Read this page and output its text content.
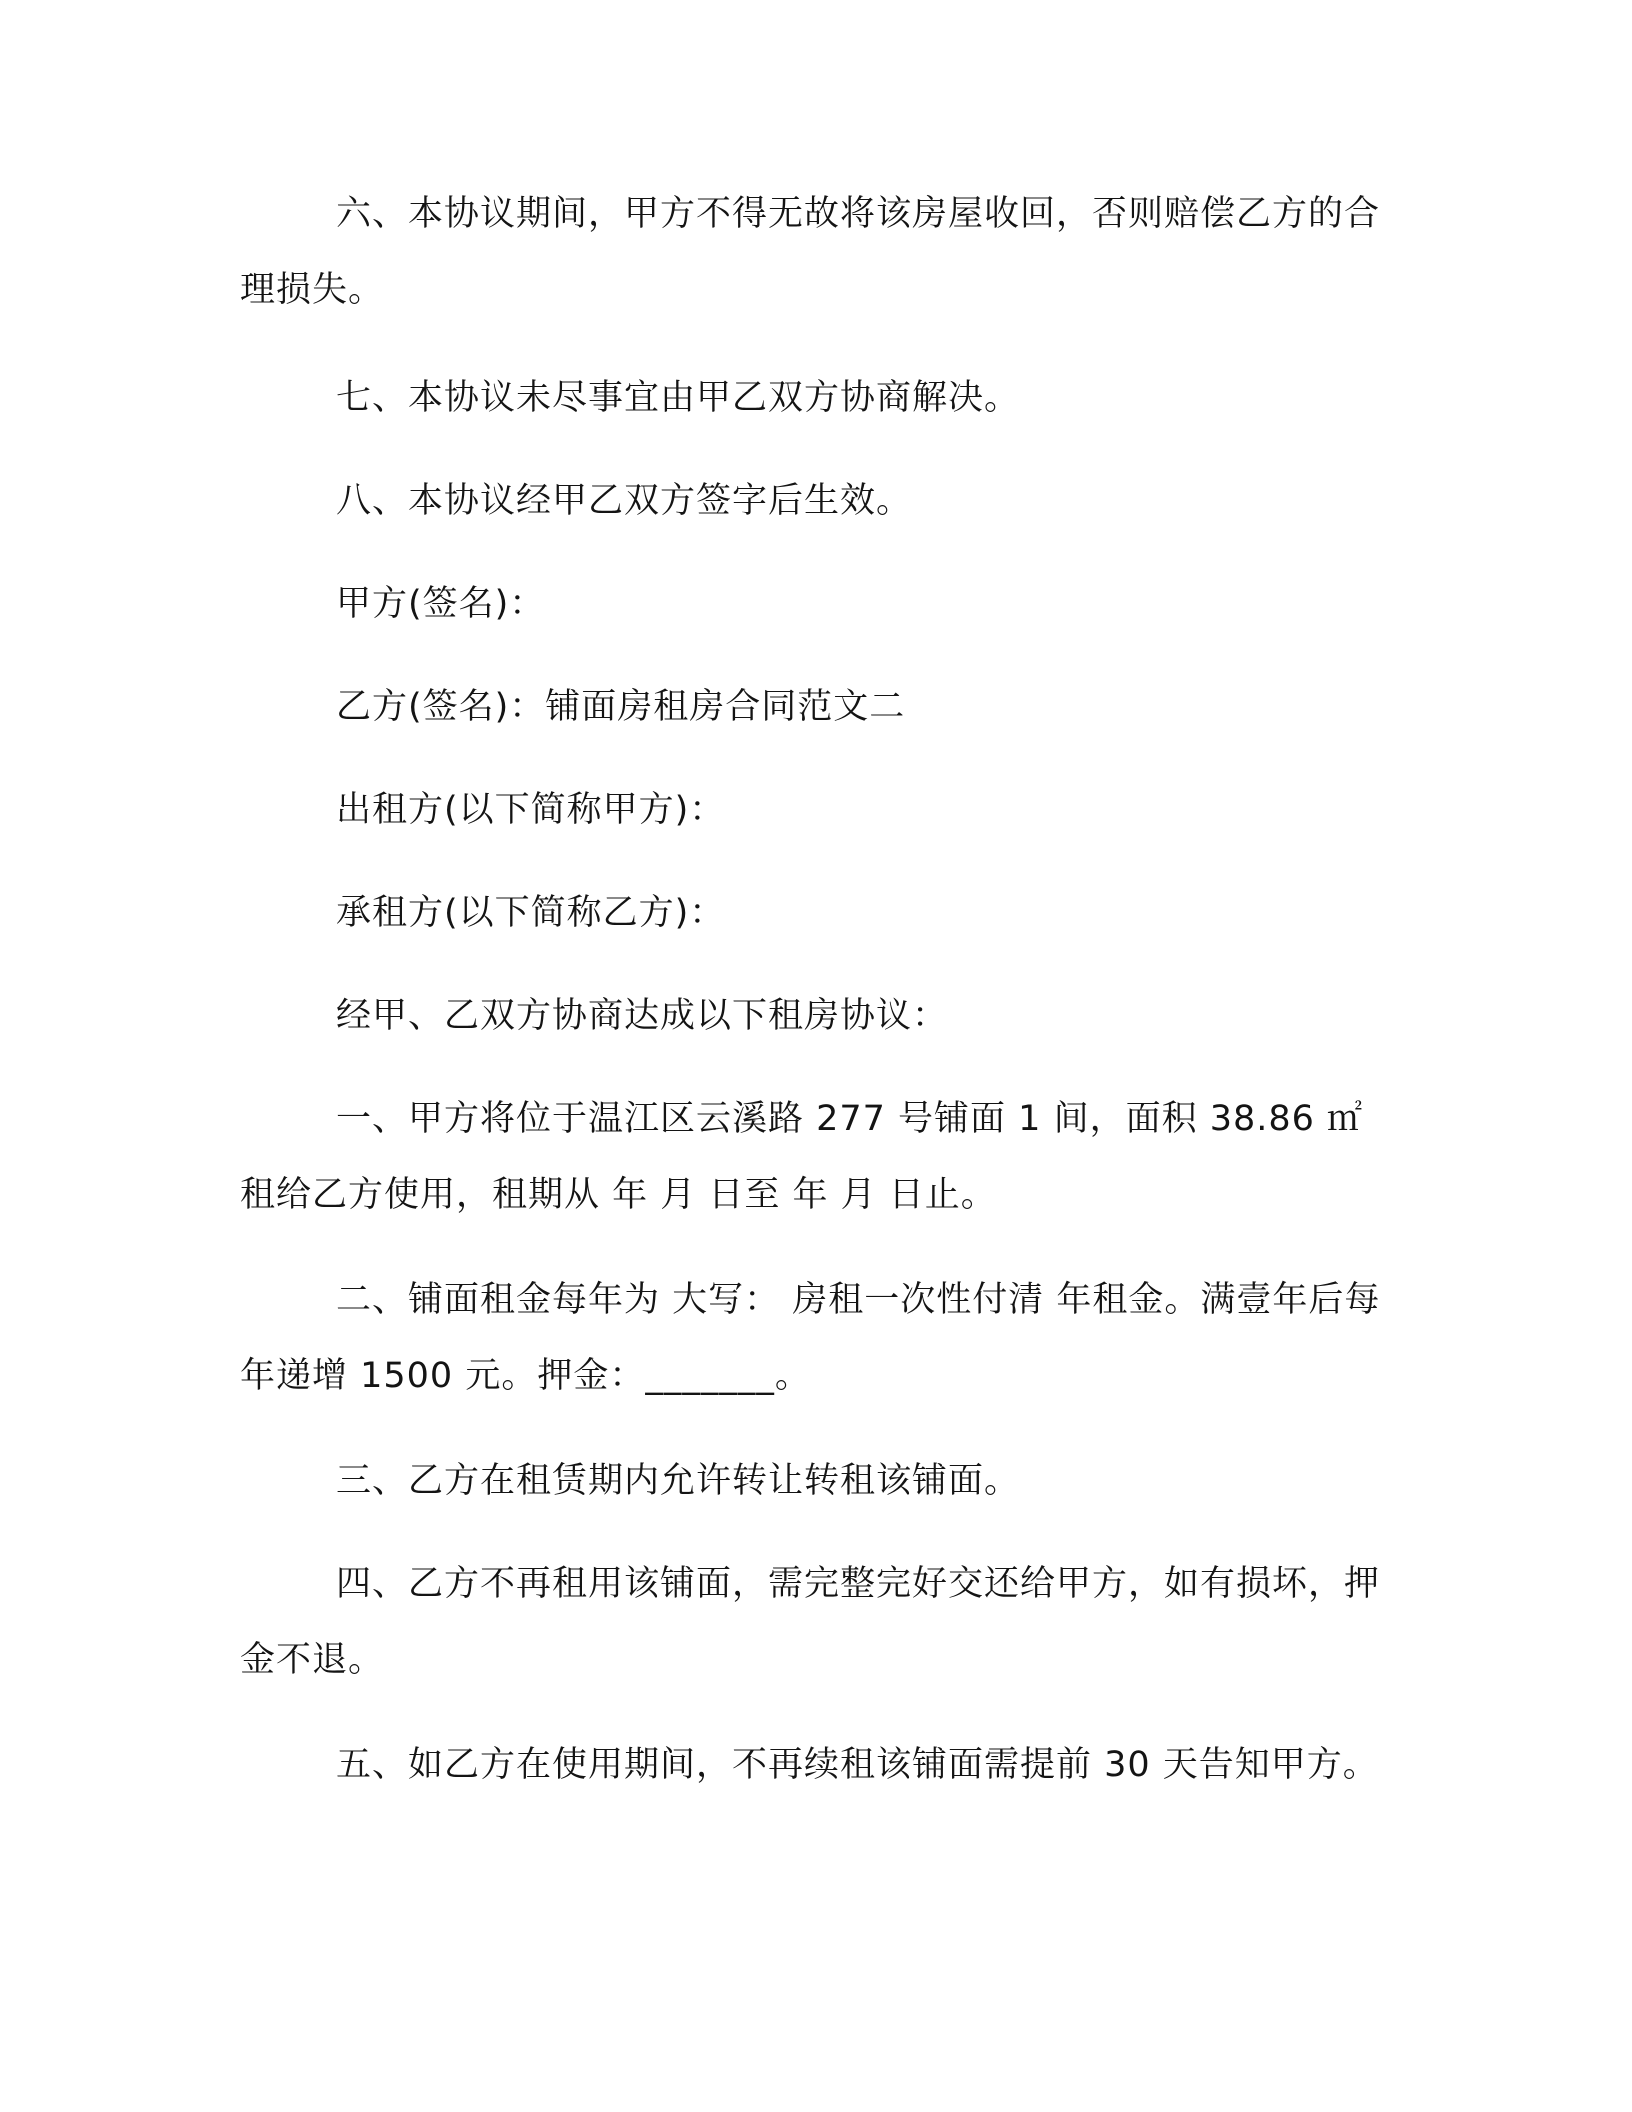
六、本协议期间，甲方不得无故将该房屋收回，否则赔偿乙方的合理损失。

七、本协议未尽事宜由甲乙双方协商解决。

八、本协议经甲乙双方签字后生效。

甲方(签名)：

乙方(签名)：铺面房租房合同范文二

出租方(以下简称甲方)：

承租方(以下简称乙方)：

经甲、乙双方协商达成以下租房协议：

一、甲方将位于温江区云溪路 277 号铺面 1 间，面积 38.86 ㎡租给乙方使用，租期从 年 月 日至 年 月 日止。

二、铺面租金每年为 大写： 房租一次性付清 年租金。满壹年后每年递增 1500 元。押金：_______。

三、乙方在租赁期内允许转让转租该铺面。

四、乙方不再租用该铺面，需完整完好交还给甲方，如有损坏，押金不退。

五、如乙方在使用期间，不再续租该铺面需提前 30 天告知甲方。
